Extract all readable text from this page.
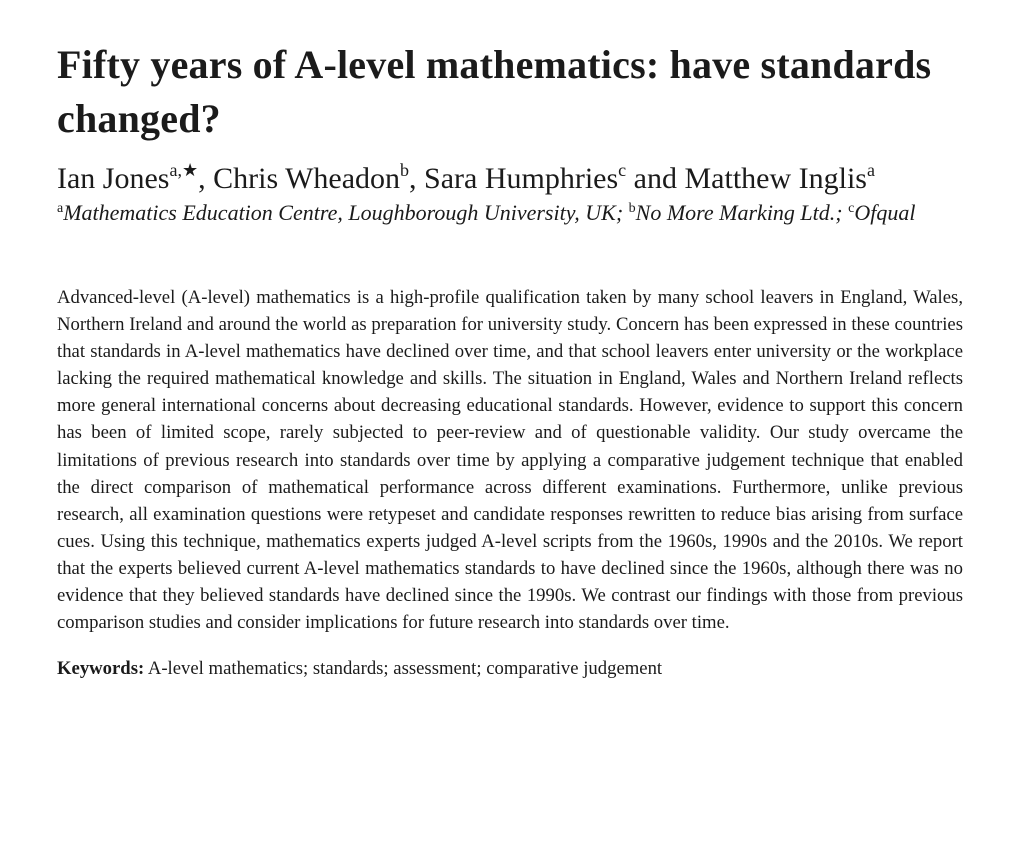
Fifty years of A-level mathematics: have standards changed?
Ian Jones$^{a,★}$, Chris Wheadon$^b$, Sara Humphries$^c$ and Matthew Inglis$^a$
$^a$Mathematics Education Centre, Loughborough University, UK; $^b$No More Marking Ltd.; $^c$Ofqual

Advanced-level (A-level) mathematics is a high-profile qualification taken by many school leavers in England, Wales, Northern Ireland and around the world as preparation for university study. Concern has been expressed in these countries that standards in A-level mathematics have declined over time, and that school leavers enter university or the workplace lacking the required mathematical knowledge and skills. The situation in England, Wales and Northern Ireland reflects more general international concerns about decreasing educational standards. However, evidence to support this concern has been of limited scope, rarely subjected to peer-review and of questionable validity. Our study overcame the limitations of previous research into standards over time by applying a comparative judgement technique that enabled the direct comparison of mathematical performance across different examinations. Furthermore, unlike previous research, all examination questions were retypeset and candidate responses rewritten to reduce bias arising from surface cues. Using this technique, mathematics experts judged A-level scripts from the 1960s, 1990s and the 2010s. We report that the experts believed current A-level mathematics standards to have declined since the 1960s, although there was no evidence that they believed standards have declined since the 1990s. We contrast our findings with those from previous comparison studies and consider implications for future research into standards over time.

Keywords: A-level mathematics; standards; assessment; comparative judgement
